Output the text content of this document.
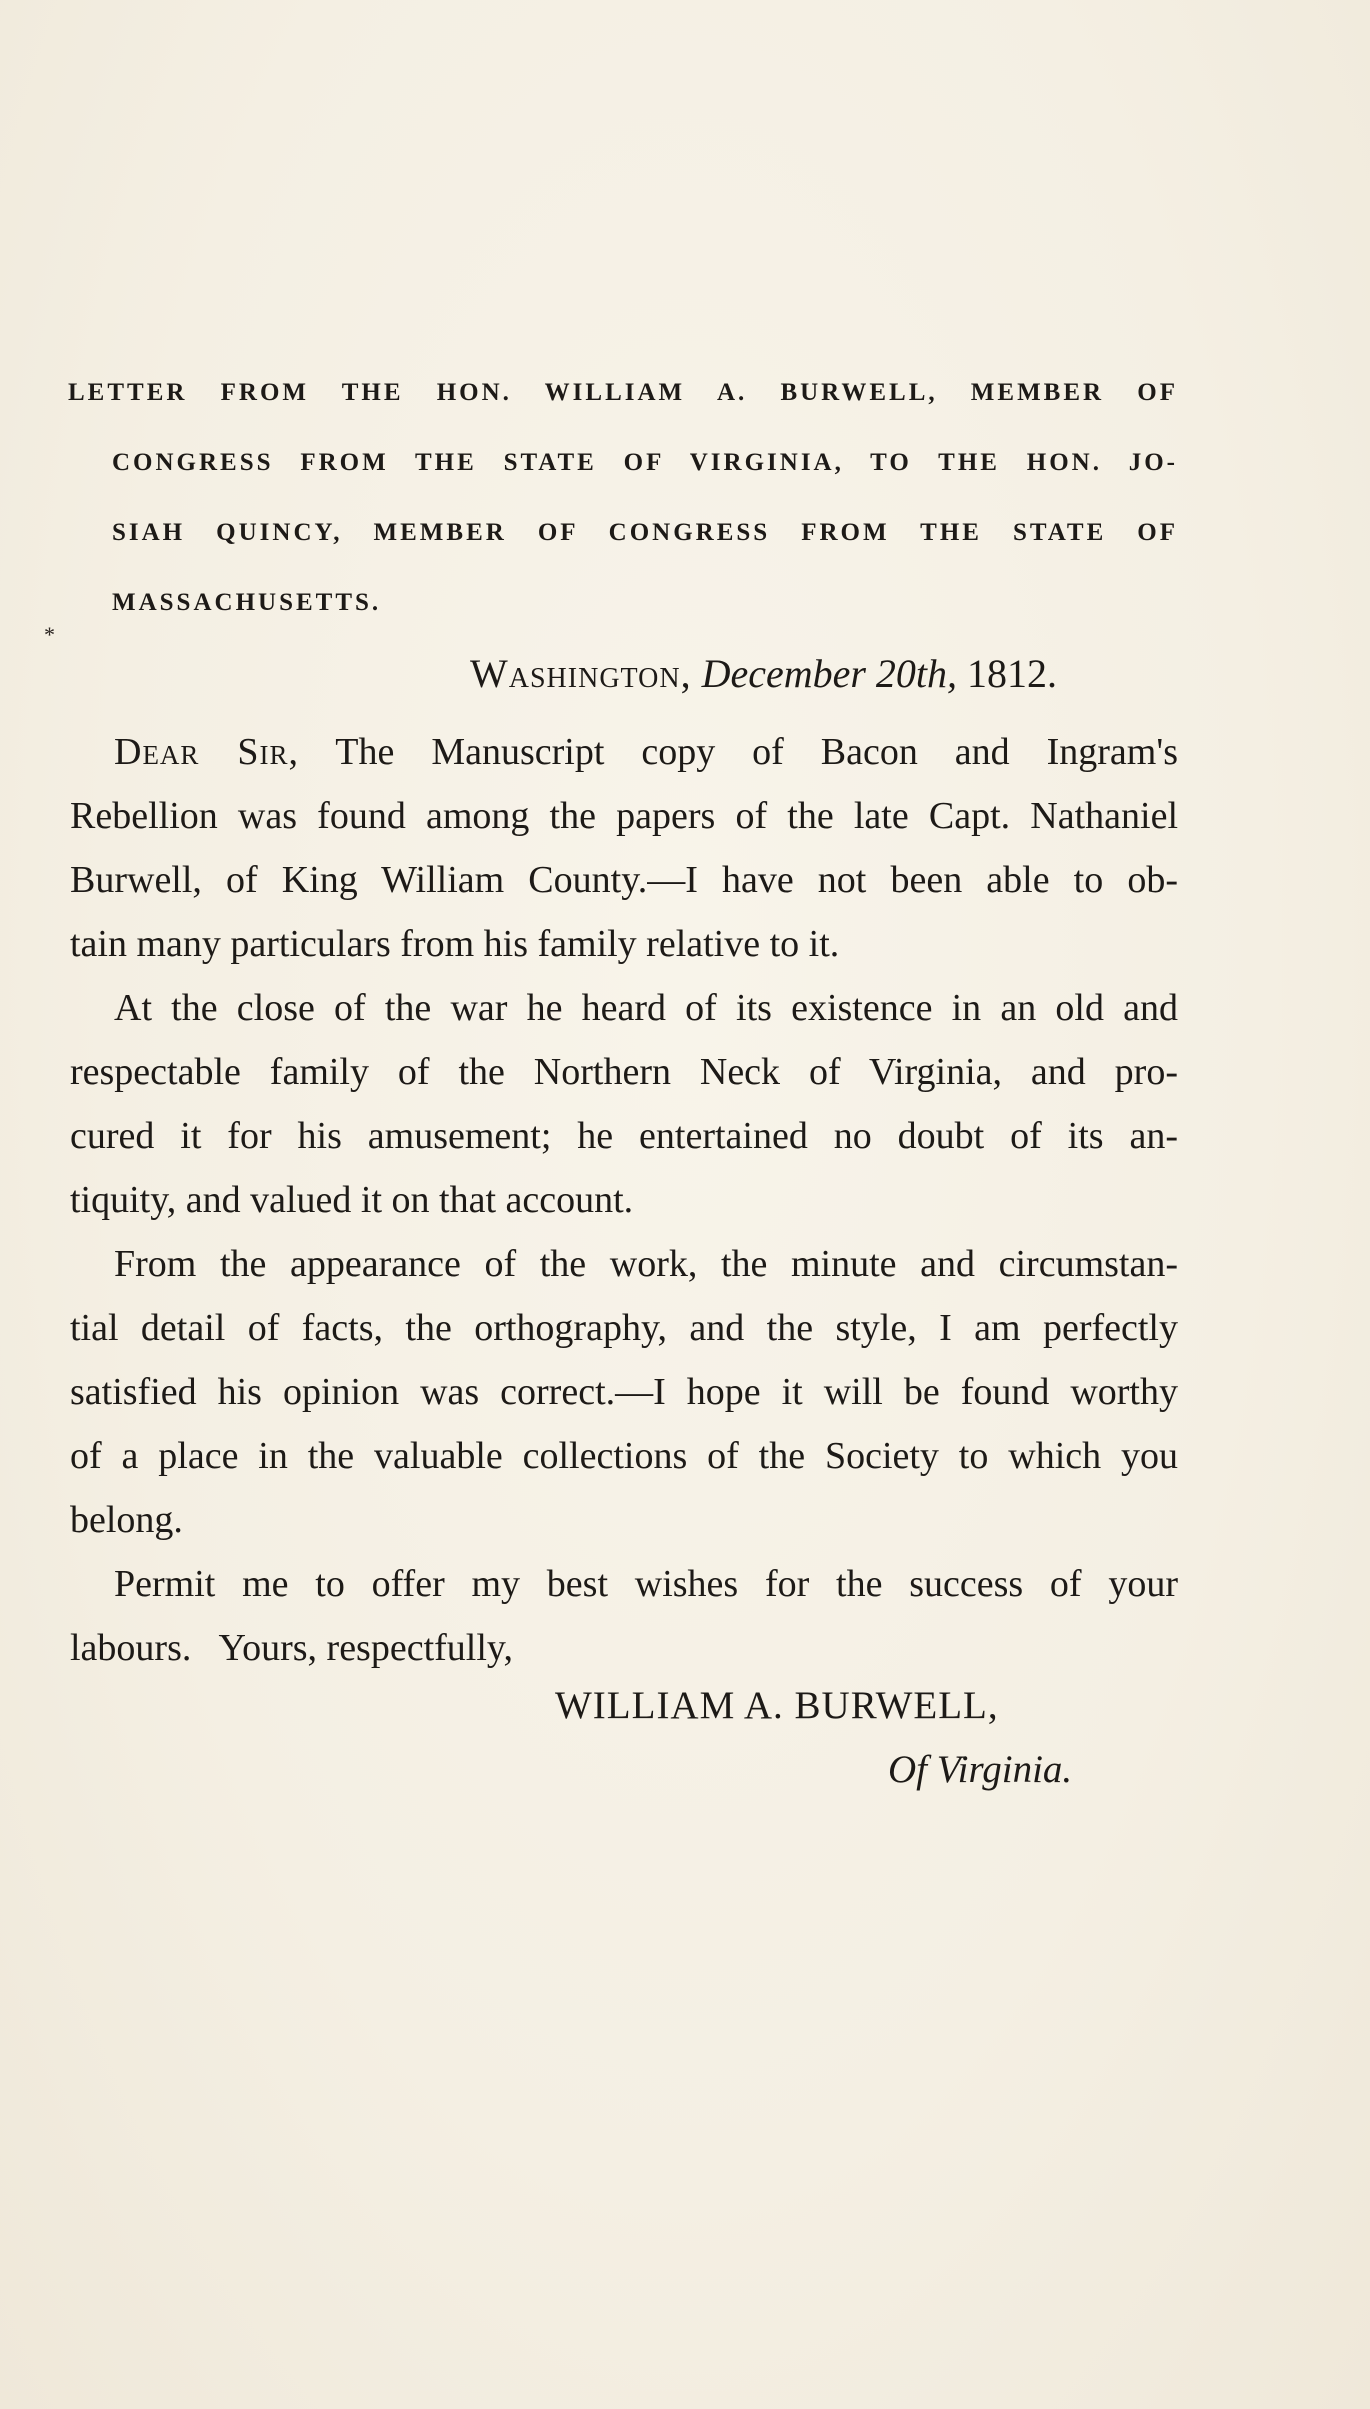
LETTER FROM THE HON. WILLIAM A. BURWELL, MEMBER OF
CONGRESS FROM THE STATE OF VIRGINIA, TO THE HON. JO-
SIAH QUINCY, MEMBER OF CONGRESS FROM THE STATE OF
MASSACHUSETTS.
*
Washington, December 20th, 1812.
Dear Sir, The Manuscript copy of Bacon and Ingram's
Rebellion was found among the papers of the late Capt. Nathaniel
Burwell, of King William County.—I have not been able to ob-
tain many particulars from his family relative to it.
At the close of the war he heard of its existence in an old and
respectable family of the Northern Neck of Virginia, and pro-
cured it for his amusement; he entertained no doubt of its an-
tiquity, and valued it on that account.
From the appearance of the work, the minute and circumstan-
tial detail of facts, the orthography, and the style, I am perfectly
satisfied his opinion was correct.—I hope it will be found worthy
of a place in the valuable collections of the Society to which you
belong.
Permit me to offer my best wishes for the success of your
labours.   Yours, respectfully,
WILLIAM A. BURWELL,
Of Virginia.
